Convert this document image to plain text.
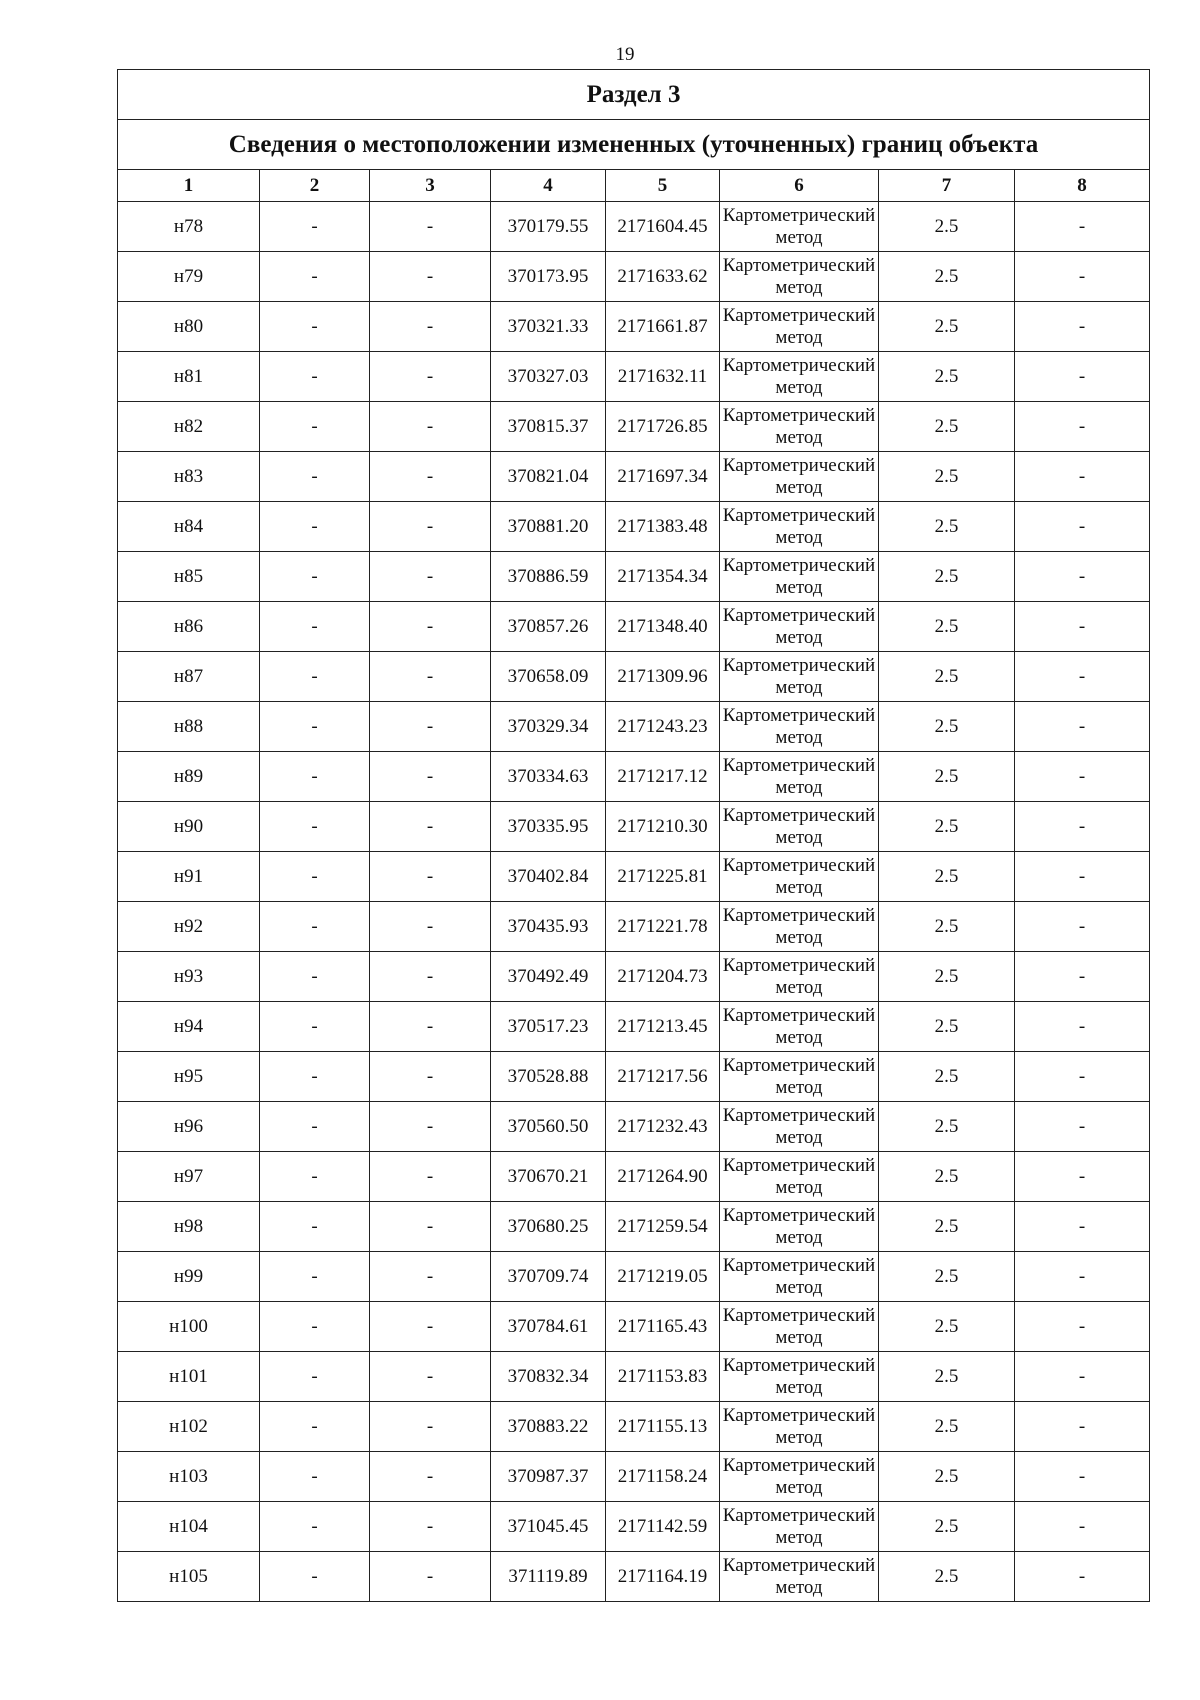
19
Раздел 3							
Сведения о местоположении измененных (уточненных) границ объекта							
1	2	3	4	5	6	7	8
н78	-	-	370179.55	2171604.45	Картометрический метод	2.5	-
н79	-	-	370173.95	2171633.62	Картометрический метод	2.5	-
н80	-	-	370321.33	2171661.87	Картометрический метод	2.5	-
н81	-	-	370327.03	2171632.11	Картометрический метод	2.5	-
н82	-	-	370815.37	2171726.85	Картометрический метод	2.5	-
н83	-	-	370821.04	2171697.34	Картометрический метод	2.5	-
н84	-	-	370881.20	2171383.48	Картометрический метод	2.5	-
н85	-	-	370886.59	2171354.34	Картометрический метод	2.5	-
н86	-	-	370857.26	2171348.40	Картометрический метод	2.5	-
н87	-	-	370658.09	2171309.96	Картометрический метод	2.5	-
н88	-	-	370329.34	2171243.23	Картометрический метод	2.5	-
н89	-	-	370334.63	2171217.12	Картометрический метод	2.5	-
н90	-	-	370335.95	2171210.30	Картометрический метод	2.5	-
н91	-	-	370402.84	2171225.81	Картометрический метод	2.5	-
н92	-	-	370435.93	2171221.78	Картометрический метод	2.5	-
н93	-	-	370492.49	2171204.73	Картометрический метод	2.5	-
н94	-	-	370517.23	2171213.45	Картометрический метод	2.5	-
н95	-	-	370528.88	2171217.56	Картометрический метод	2.5	-
н96	-	-	370560.50	2171232.43	Картометрический метод	2.5	-
н97	-	-	370670.21	2171264.90	Картометрический метод	2.5	-
н98	-	-	370680.25	2171259.54	Картометрический метод	2.5	-
н99	-	-	370709.74	2171219.05	Картометрический метод	2.5	-
н100	-	-	370784.61	2171165.43	Картометрический метод	2.5	-
н101	-	-	370832.34	2171153.83	Картометрический метод	2.5	-
н102	-	-	370883.22	2171155.13	Картометрический метод	2.5	-
н103	-	-	370987.37	2171158.24	Картометрический метод	2.5	-
н104	-	-	371045.45	2171142.59	Картометрический метод	2.5	-
н105	-	-	371119.89	2171164.19	Картометрический метод	2.5	-
